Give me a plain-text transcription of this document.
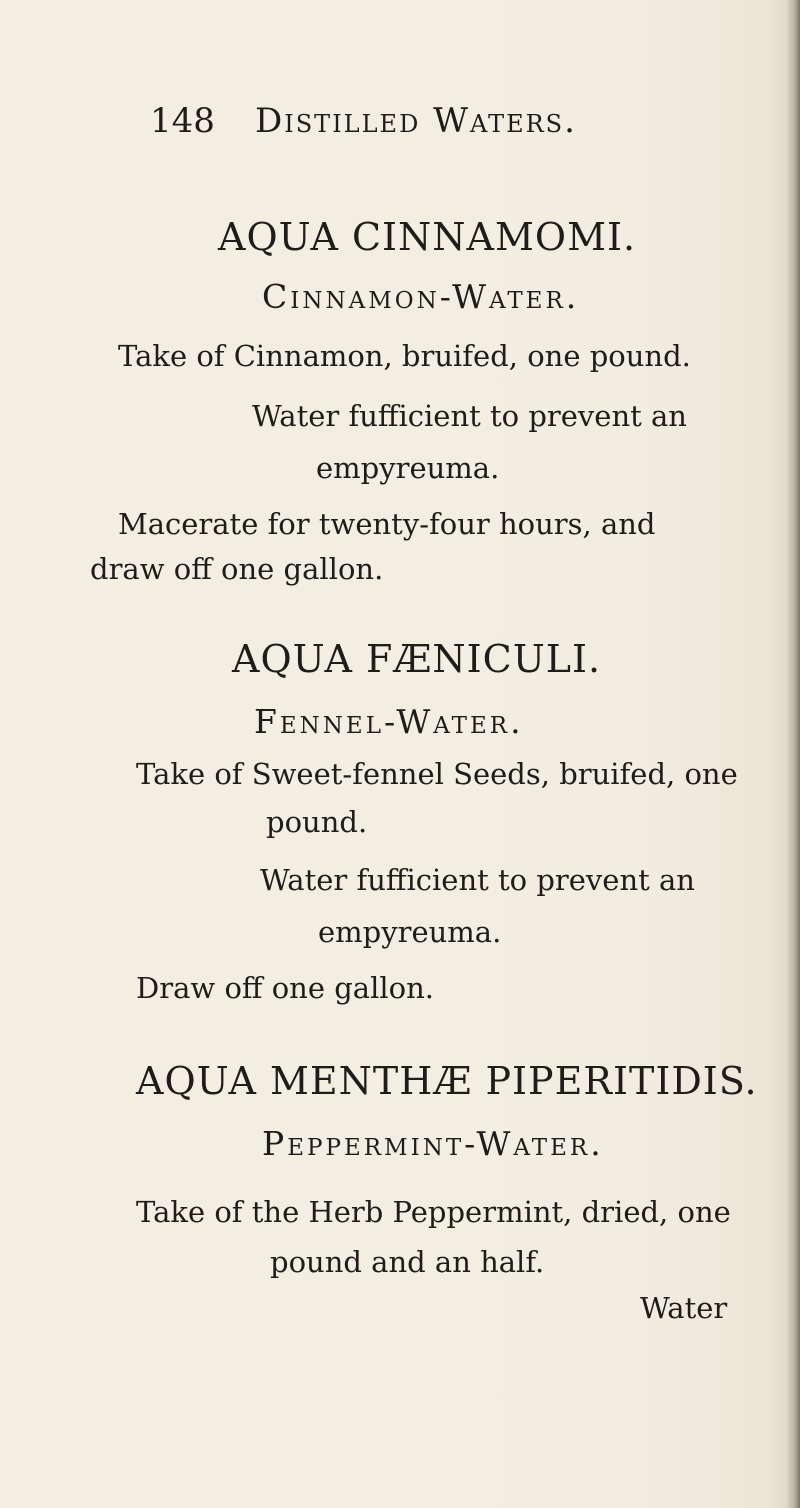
148 Distilled Waters.
AQUA CINNAMOMI.
Cinnamon-Water.
Take of Cinnamon, bruifed, one pound.
Water fufficient to prevent an
empyreuma.
Macerate for twenty-four hours, and
draw off one gallon.
AQUA FÆNICULI.
Fennel-Water.
Take of Sweet-fennel Seeds, bruifed, one
pound.
Water fufficient to prevent an
empyreuma.
Draw off one gallon.
AQUA MENTHÆ PIPERITIDIS.
Peppermint-Water.
Take of the Herb Peppermint, dried, one
pound and an half.
Water
